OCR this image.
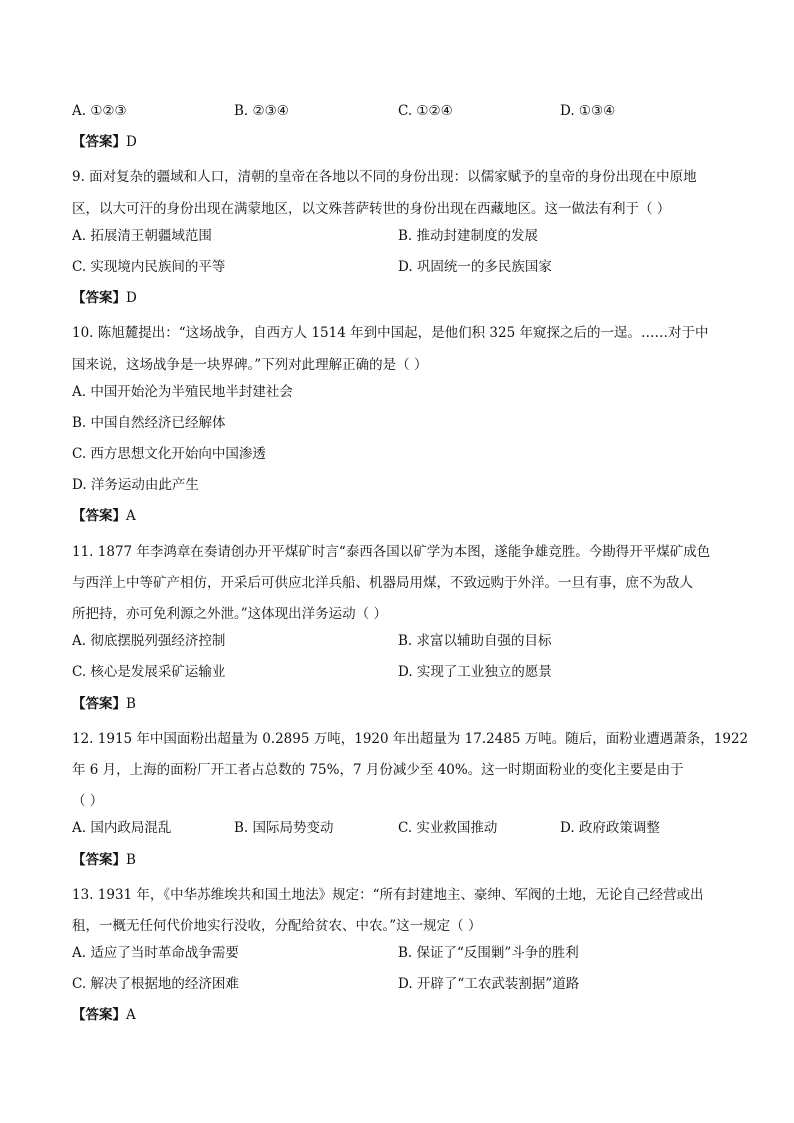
A. ①②③	B. ②③④	C. ①②④	D. ①③④
【答案】D
9. 面对复杂的疆域和人口，清朝的皇帝在各地以不同的身份出现：以儒家赋予的皇帝的身份出现在中原地
区，以大可汗的身份出现在满蒙地区，以文殊菩萨转世的身份出现在西藏地区。这一做法有利于（ ）
A. 拓展清王朝疆域范围	B. 推动封建制度的发展
C. 实现境内民族间的平等	D. 巩固统一的多民族国家
【答案】D
10. 陈旭麓提出：“这场战争，自西方人 1514 年到中国起，是他们积 325 年窥探之后的一逞。……对于中
国来说，这场战争是一块界碑。”下列对此理解正确的是（ ）
A. 中国开始沦为半殖民地半封建社会
B. 中国自然经济已经解体
C. 西方思想文化开始向中国渗透
D. 洋务运动由此产生
【答案】A
11. 1877 年李鸿章在奏请创办开平煤矿时言“泰西各国以矿学为本图，遂能争雄竞胜。今勘得开平煤矿成色
与西洋上中等矿产相仿，开采后可供应北洋兵船、机器局用煤，不致远购于外洋。一旦有事，庶不为敌人
所把持，亦可免利源之外泄。”这体现出洋务运动（ ）
A. 彻底摆脱列强经济控制	B. 求富以辅助自强的目标
C. 核心是发展采矿运输业	D. 实现了工业独立的愿景
【答案】B
12. 1915 年中国面粉出超量为 0.2895 万吨，1920 年出超量为 17.2485 万吨。随后，面粉业遭遇萧条，1922
年 6 月，上海的面粉厂开工者占总数的 75%，7 月份减少至 40%。这一时期面粉业的变化主要是由于
（ ）
A. 国内政局混乱	B. 国际局势变动	C. 实业救国推动	D. 政府政策调整
【答案】B
13. 1931 年，《中华苏维埃共和国土地法》规定：“所有封建地主、豪绅、军阀的土地，无论自己经营或出
租，一概无任何代价地实行没收，分配给贫农、中农。”这一规定（ ）
A. 适应了当时革命战争需要	B. 保证了“反围剿”斗争的胜利
C. 解决了根据地的经济困难	D. 开辟了“工农武装割据”道路
【答案】A
